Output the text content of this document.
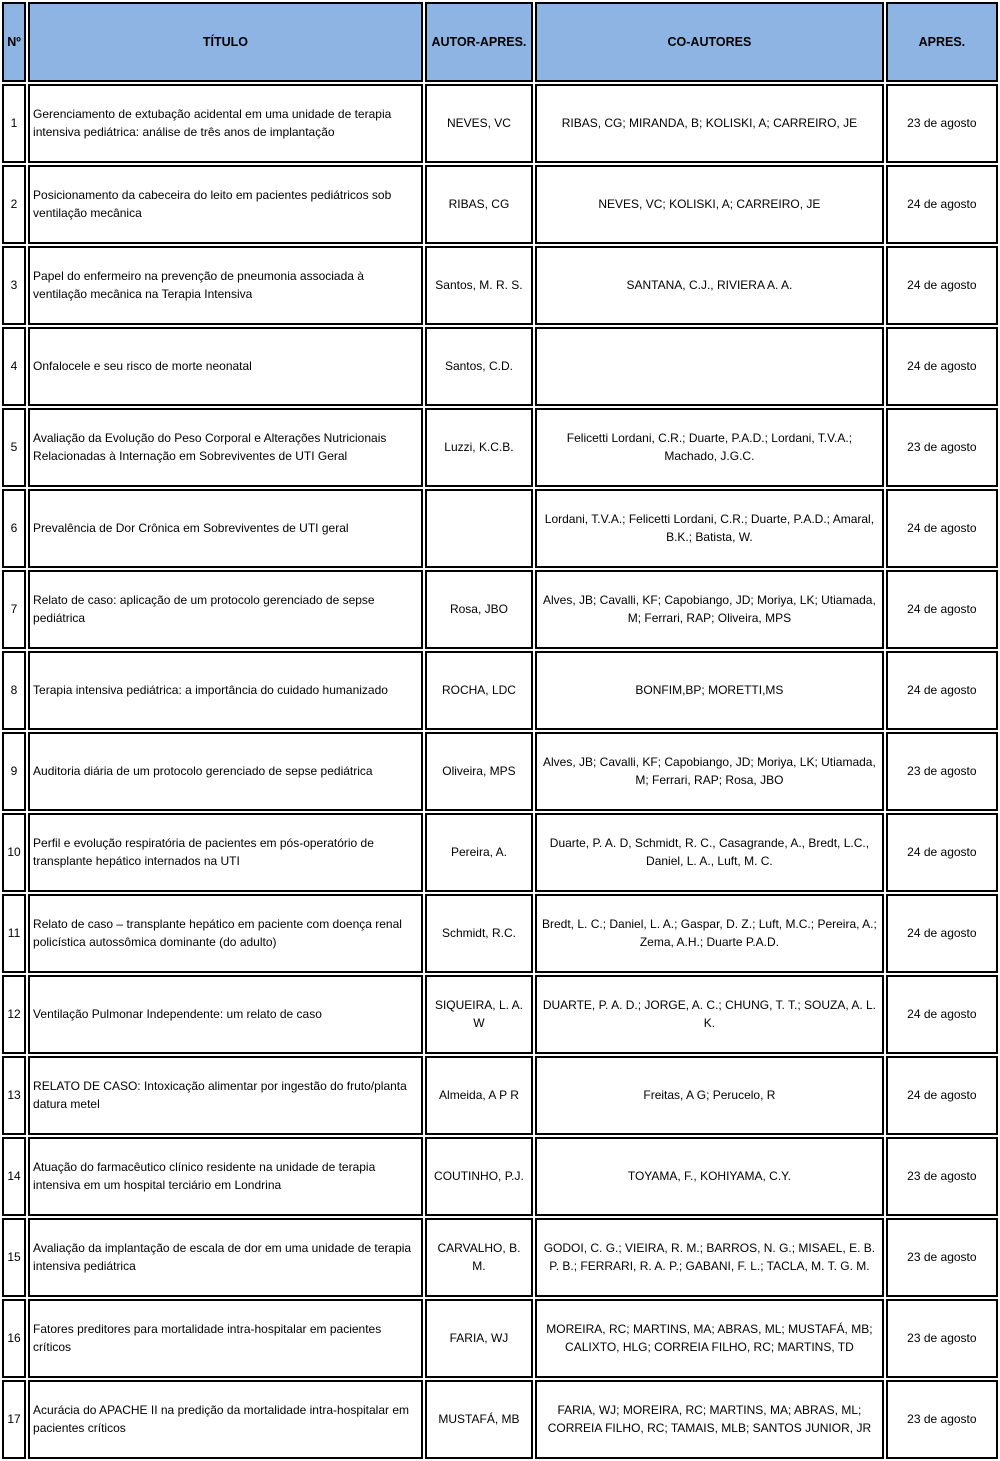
Nº	TÍTULO	AUTOR-APRES.	CO-AUTORES	APRES.
1	Gerenciamento de extubação acidental em uma unidade de terapia intensiva pediátrica: análise de três anos de implantação	NEVES, VC	RIBAS, CG; MIRANDA, B; KOLISKI, A; CARREIRO, JE	23 de agosto
2	Posicionamento da cabeceira do leito em pacientes pediátricos sob ventilação mecânica	RIBAS, CG	NEVES, VC; KOLISKI, A; CARREIRO, JE	24 de agosto
3	Papel do enfermeiro na prevenção de pneumonia associada à ventilação mecânica na Terapia Intensiva	Santos, M. R. S.	SANTANA, C.J., RIVIERA A. A.	24 de agosto
4	Onfalocele e seu risco de morte neonatal	Santos, C.D.		24 de agosto
5	Avaliação da Evolução do Peso Corporal e Alterações Nutricionais Relacionadas à Internação em Sobreviventes de UTI Geral	Luzzi, K.C.B.	Felicetti Lordani, C.R.; Duarte, P.A.D.; Lordani, T.V.A.; Machado, J.G.C.	23 de agosto
6	Prevalência de Dor Crônica em Sobreviventes de UTI geral		Lordani, T.V.A.; Felicetti Lordani, C.R.; Duarte, P.A.D.; Amaral, B.K.; Batista, W.	24 de agosto
7	Relato de caso: aplicação de um protocolo gerenciado de sepse pediátrica	Rosa, JBO	Alves, JB; Cavalli, KF; Capobiango, JD; Moriya, LK; Utiamada, M; Ferrari, RAP; Oliveira, MPS	24 de agosto
8	Terapia intensiva pediátrica: a importância do cuidado humanizado	ROCHA, LDC	BONFIM,BP; MORETTI,MS	24 de agosto
9	Auditoria diária de um protocolo gerenciado de sepse pediátrica	Oliveira, MPS	Alves, JB; Cavalli, KF; Capobiango, JD; Moriya, LK; Utiamada, M; Ferrari, RAP; Rosa, JBO	23 de agosto
10	Perfil e evolução respiratória de pacientes em pós-operatório de transplante hepático internados na UTI	Pereira, A.	Duarte, P. A. D, Schmidt, R. C., Casagrande, A., Bredt, L.C., Daniel, L. A., Luft, M. C.	24 de agosto
11	Relato de caso – transplante hepático em paciente com doença renal policística autossômica dominante (do adulto)	Schmidt, R.C.	Bredt, L. C.; Daniel, L. A.; Gaspar, D. Z.; Luft, M.C.; Pereira, A.; Zema, A.H.; Duarte P.A.D.	24 de agosto
12	Ventilação Pulmonar Independente: um relato de caso	SIQUEIRA, L. A. W	DUARTE, P. A. D.; JORGE, A. C.; CHUNG, T. T.; SOUZA, A. L. K.	24 de agosto
13	RELATO DE CASO: Intoxicação alimentar por ingestão do fruto/planta datura metel	Almeida, A P R	Freitas, A G; Perucelo, R	24 de agosto
14	Atuação do farmacêutico clínico residente na unidade de terapia intensiva em um hospital terciário em Londrina	COUTINHO, P.J.	TOYAMA, F., KOHIYAMA, C.Y.	23 de agosto
15	Avaliação da implantação de escala de dor em uma unidade de terapia intensiva pediátrica	CARVALHO, B. M.	GODOI, C. G.; VIEIRA, R. M.; BARROS, N. G.; MISAEL, E. B. P. B.; FERRARI, R. A. P.; GABANI, F. L.; TACLA, M. T. G. M.	23 de agosto
16	Fatores preditores para mortalidade intra-hospitalar em pacientes críticos	FARIA, WJ	MOREIRA, RC; MARTINS, MA; ABRAS, ML; MUSTAFÁ, MB; CALIXTO, HLG; CORREIA FILHO, RC; MARTINS, TD	23 de agosto
17	Acurácia do APACHE II na predição da mortalidade intra-hospitalar em pacientes críticos	MUSTAFÁ, MB	FARIA, WJ; MOREIRA, RC; MARTINS, MA; ABRAS, ML; CORREIA FILHO, RC; TAMAIS, MLB; SANTOS JUNIOR, JR	23 de agosto
